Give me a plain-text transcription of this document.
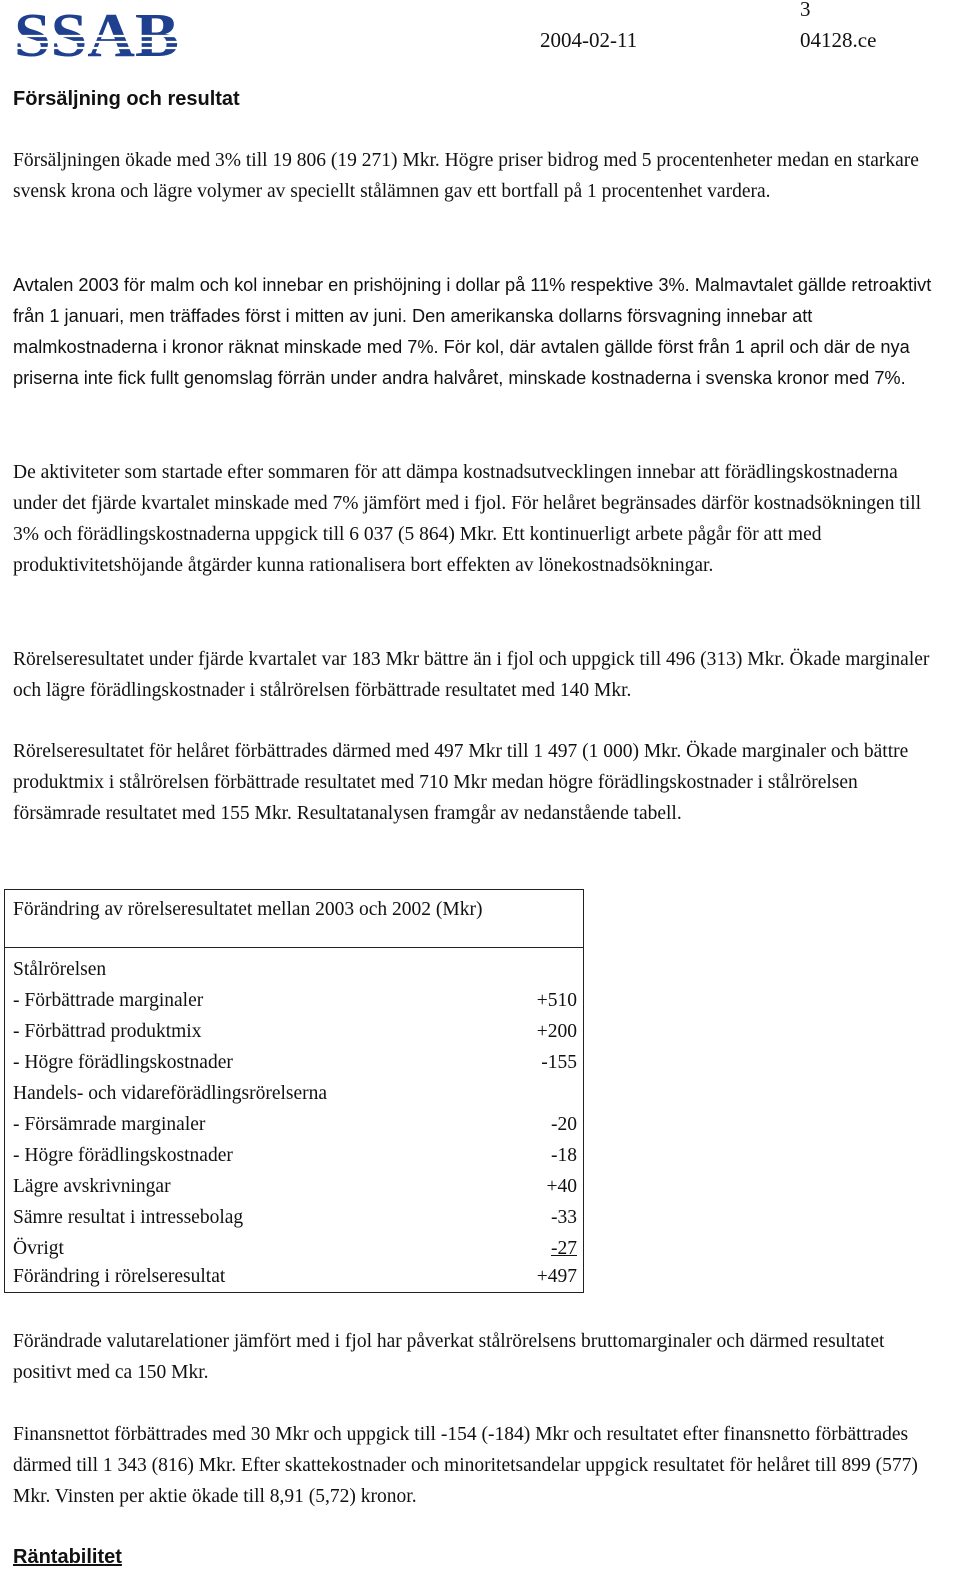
SSAB	3
2004-02-11	04128.ce
Försäljning och resultat

Försäljningen ökade med 3% till 19 806 (19 271) Mkr. Högre priser bidrog med 5 procentenheter medan en starkare svensk krona och lägre volymer av speciellt stålämnen gav ett bortfall på 1 procentenhet vardera.

Avtalen 2003 för malm och kol innebar en prishöjning i dollar på 11% respektive 3%. Malmavtalet gällde retroaktivt från 1 januari, men träffades först i mitten av juni. Den amerikanska dollarns försvagning innebar att malmkostnaderna i kronor räknat minskade med 7%. För kol, där avtalen gällde först från 1 april och där de nya priserna inte fick fullt genomslag förrän under andra halvåret, minskade kostnaderna i svenska kronor med 7%.

De aktiviteter som startade efter sommaren för att dämpa kostnadsutvecklingen innebar att förädlingskostnaderna under det fjärde kvartalet minskade med 7% jämfört med i fjol. För helåret begränsades därför kostnadsökningen till 3% och förädlingskostnaderna uppgick till 6 037 (5 864) Mkr. Ett kontinuerligt arbete pågår för att med produktivitetshöjande åtgärder kunna rationalisera bort effekten av lönekostnadsökningar.

Rörelseresultatet under fjärde kvartalet var 183 Mkr bättre än i fjol och uppgick till 496 (313) Mkr. Ökade marginaler och lägre förädlingskostnader i stålrörelsen förbättrade resultatet med 140 Mkr.

Rörelseresultatet för helåret förbättrades därmed med 497 Mkr till 1 497 (1 000) Mkr. Ökade marginaler och bättre produktmix i stålrörelsen förbättrade resultatet med 710 Mkr medan högre förädlingskostnader i stålrörelsen försämrade resultatet med 155 Mkr. Resultatanalysen framgår av nedanstående tabell.

Förändring av rörelseresultatet mellan 2003 och 2002 (Mkr)
Stålrörelsen
- Förbättrade marginaler	+510
- Förbättrad produktmix	+200
- Högre förädlingskostnader	-155
Handels- och vidareförädlingsrörelserna
- Försämrade marginaler	-20
- Högre förädlingskostnader	-18
Lägre avskrivningar	+40
Sämre resultat i intressebolag	-33
Övrigt	-27
Förändring i rörelseresultat	+497

Förändrade valutarelationer jämfört med i fjol har påverkat stålrörelsens bruttomarginaler och därmed resultatet positivt med ca 150 Mkr.

Finansnettot förbättrades med 30 Mkr och uppgick till -154 (-184) Mkr och resultatet efter finansnetto förbättrades därmed till 1 343 (816) Mkr. Efter skattekostnader och minoritetsandelar uppgick resultatet för helåret till 899 (577) Mkr. Vinsten per aktie ökade till 8,91 (5,72) kronor.

Räntabilitet
